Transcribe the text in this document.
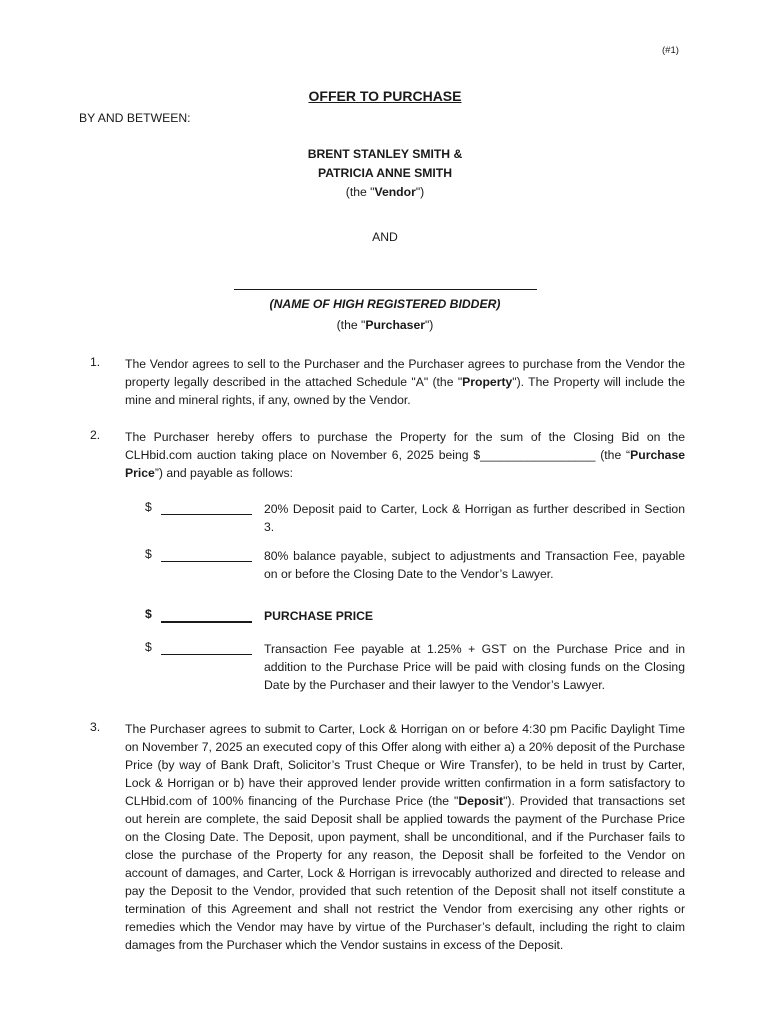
(#1)
OFFER TO PURCHASE
BY AND BETWEEN:
BRENT STANLEY SMITH &
PATRICIA ANNE SMITH
(the "Vendor")
AND
(NAME OF HIGH REGISTERED BIDDER)
(the "Purchaser")
1. The Vendor agrees to sell to the Purchaser and the Purchaser agrees to purchase from the Vendor the property legally described in the attached Schedule "A" (the "Property"). The Property will include the mine and mineral rights, if any, owned by the Vendor.
2. The Purchaser hereby offers to purchase the Property for the sum of the Closing Bid on the CLHbid.com auction taking place on November 6, 2025 being $_________________ (the “Purchase Price”) and payable as follows:
$	20% Deposit paid to Carter, Lock & Horrigan as further described in Section 3.
$	80% balance payable, subject to adjustments and Transaction Fee, payable on or before the Closing Date to the Vendor’s Lawyer.
$	PURCHASE PRICE
$	Transaction Fee payable at 1.25% + GST on the Purchase Price and in addition to the Purchase Price will be paid with closing funds on the Closing Date by the Purchaser and their lawyer to the Vendor’s Lawyer.
3. The Purchaser agrees to submit to Carter, Lock & Horrigan on or before 4:30 pm Pacific Daylight Time on November 7, 2025 an executed copy of this Offer along with either a) a 20% deposit of the Purchase Price (by way of Bank Draft, Solicitor’s Trust Cheque or Wire Transfer), to be held in trust by Carter, Lock & Horrigan or b) have their approved lender provide written confirmation in a form satisfactory to CLHbid.com of 100% financing of the Purchase Price (the "Deposit"). Provided that transactions set out herein are complete, the said Deposit shall be applied towards the payment of the Purchase Price on the Closing Date. The Deposit, upon payment, shall be unconditional, and if the Purchaser fails to close the purchase of the Property for any reason, the Deposit shall be forfeited to the Vendor on account of damages, and Carter, Lock & Horrigan is irrevocably authorized and directed to release and pay the Deposit to the Vendor, provided that such retention of the Deposit shall not itself constitute a termination of this Agreement and shall not restrict the Vendor from exercising any other rights or remedies which the Vendor may have by virtue of the Purchaser’s default, including the right to claim damages from the Purchaser which the Vendor sustains in excess of the Deposit.
